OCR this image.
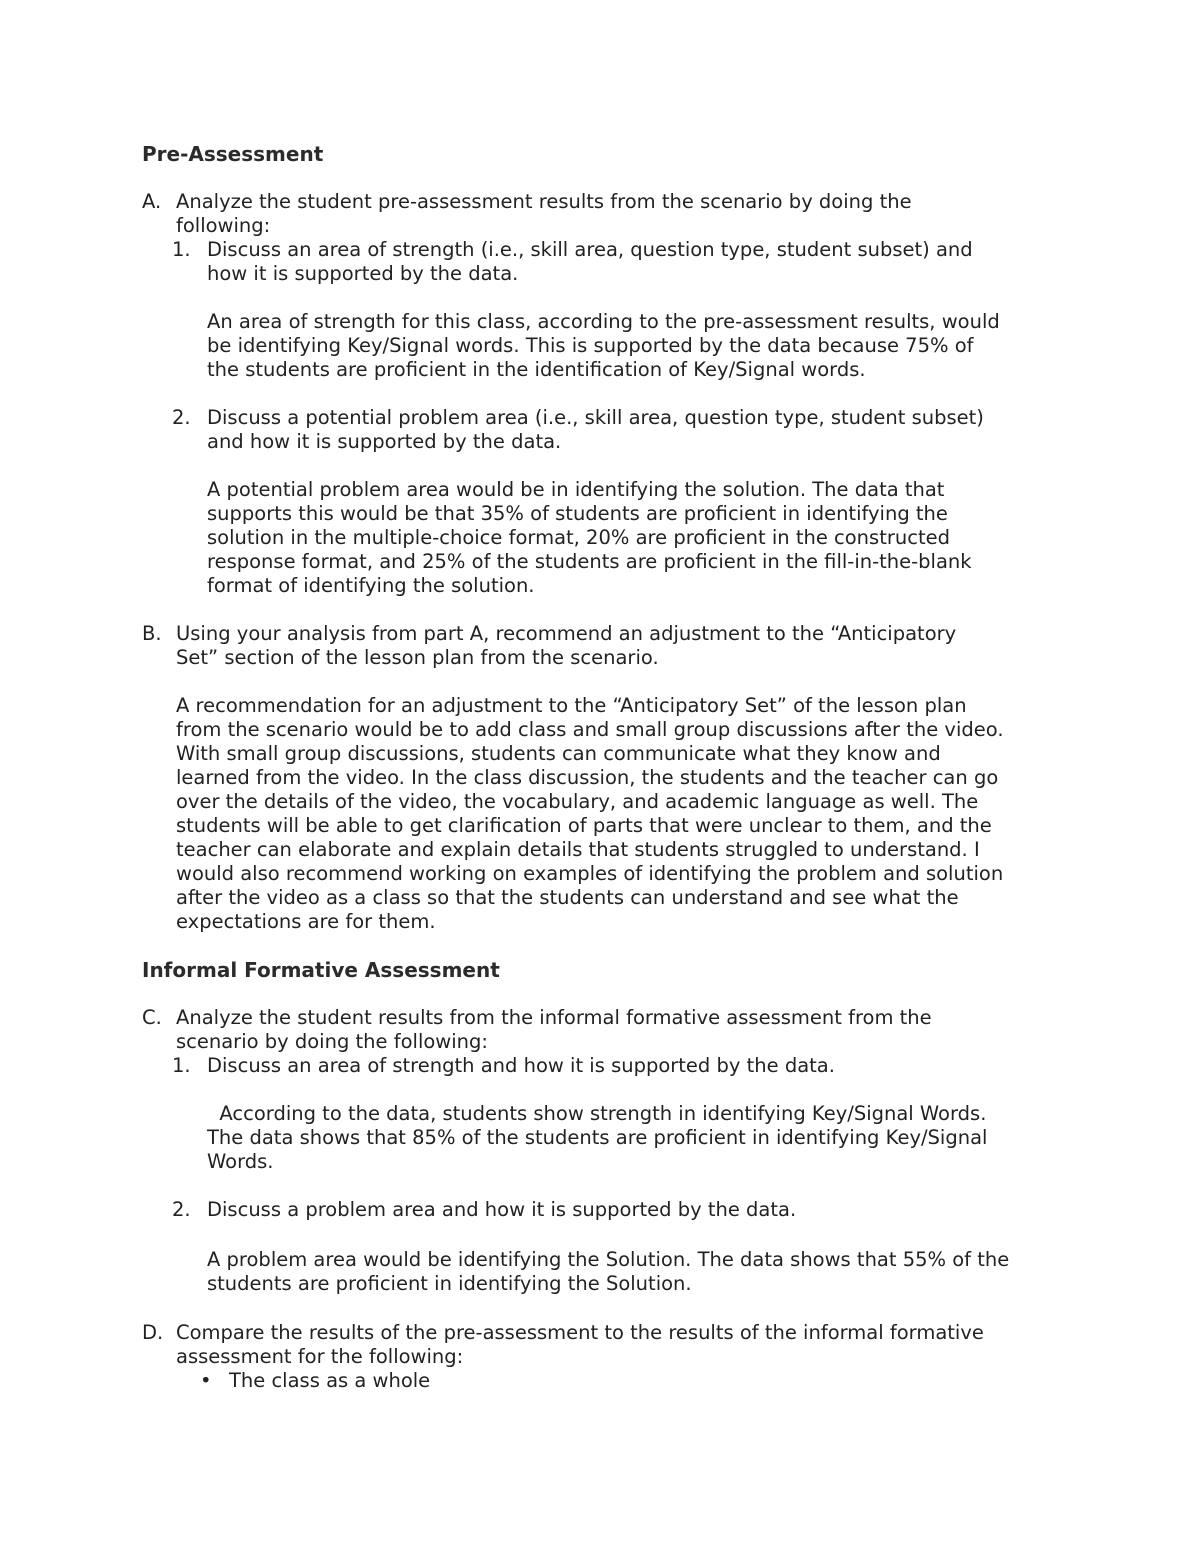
Pre-Assessment
A. Analyze the student pre-assessment results from the scenario by doing the
following:
1. Discuss an area of strength (i.e., skill area, question type, student subset) and
how it is supported by the data.
An area of strength for this class, according to the pre-assessment results, would
be identifying Key/Signal words. This is supported by the data because 75% of
the students are proficient in the identification of Key/Signal words.
2. Discuss a potential problem area (i.e., skill area, question type, student subset)
and how it is supported by the data.
A potential problem area would be in identifying the solution. The data that
supports this would be that 35% of students are proficient in identifying the
solution in the multiple-choice format, 20% are proficient in the constructed
response format, and 25% of the students are proficient in the fill-in-the-blank
format of identifying the solution.
B. Using your analysis from part A, recommend an adjustment to the “Anticipatory
Set” section of the lesson plan from the scenario.
A recommendation for an adjustment to the “Anticipatory Set” of the lesson plan
from the scenario would be to add class and small group discussions after the video.
With small group discussions, students can communicate what they know and
learned from the video. In the class discussion, the students and the teacher can go
over the details of the video, the vocabulary, and academic language as well. The
students will be able to get clarification of parts that were unclear to them, and the
teacher can elaborate and explain details that students struggled to understand. I
would also recommend working on examples of identifying the problem and solution
after the video as a class so that the students can understand and see what the
expectations are for them.
Informal Formative Assessment
C. Analyze the student results from the informal formative assessment from the
scenario by doing the following:
1. Discuss an area of strength and how it is supported by the data.
According to the data, students show strength in identifying Key/Signal Words.
The data shows that 85% of the students are proficient in identifying Key/Signal
Words.
2. Discuss a problem area and how it is supported by the data.
A problem area would be identifying the Solution. The data shows that 55% of the
students are proficient in identifying the Solution.
D. Compare the results of the pre-assessment to the results of the informal formative
assessment for the following:
• The class as a whole
